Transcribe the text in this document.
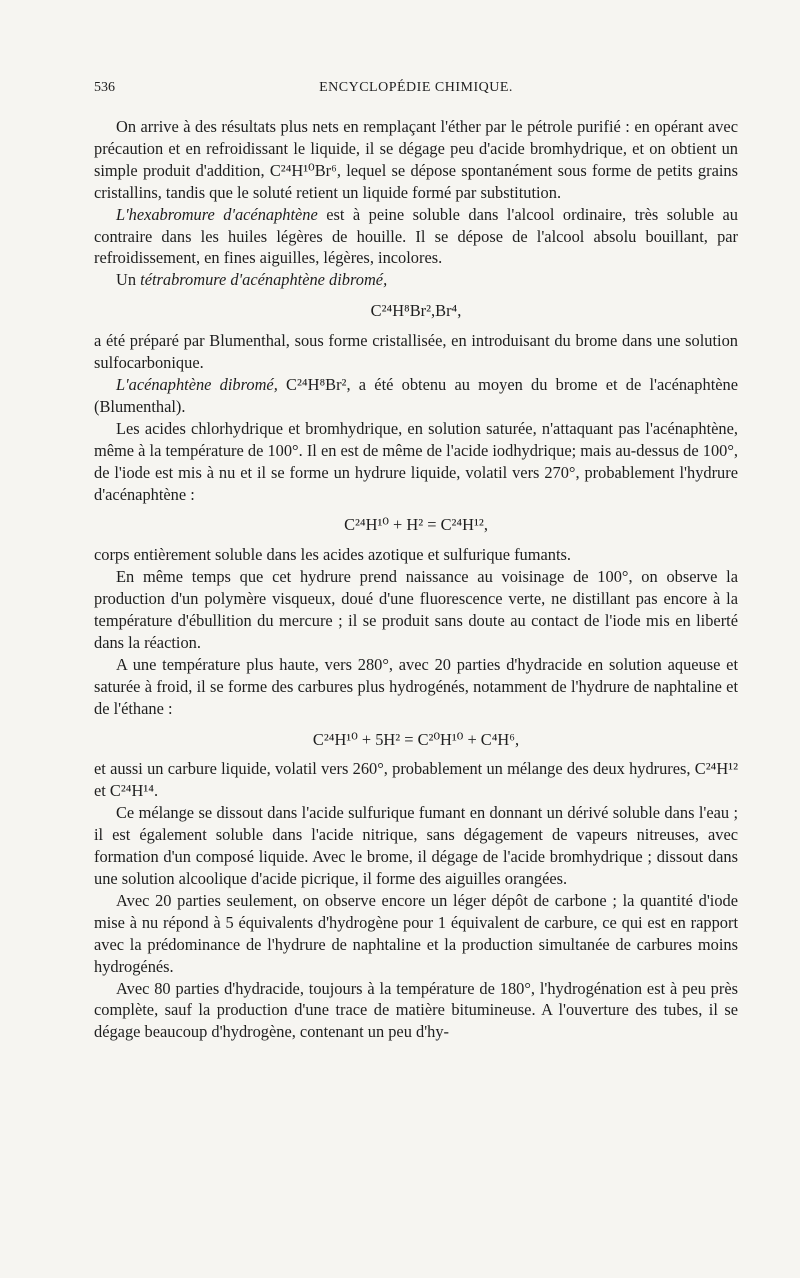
536	ENCYCLOPÉDIE CHIMIQUE.

On arrive à des résultats plus nets en remplaçant l'éther par le pétrole purifié : en opérant avec précaution et en refroidissant le liquide, il se dégage peu d'acide bromhydrique, et on obtient un simple produit d'addition, C²⁴H¹⁰Br⁶, lequel se dépose spontanément sous forme de petits grains cristallins, tandis que le soluté retient un liquide formé par substitution.

L'hexabromure d'acénaphtène est à peine soluble dans l'alcool ordinaire, très soluble au contraire dans les huiles légères de houille. Il se dépose de l'alcool absolu bouillant, par refroidissement, en fines aiguilles, légères, incolores.

Un tétrabromure d'acénaphtène dibromé,

C²⁴H⁸Br²,Br⁴,

a été préparé par Blumenthal, sous forme cristallisée, en introduisant du brome dans une solution sulfocarbonique.

L'acénaphtène dibromé, C²⁴H⁸Br², a été obtenu au moyen du brome et de l'acénaphtène (Blumenthal).

Les acides chlorhydrique et bromhydrique, en solution saturée, n'attaquant pas l'acénaphtène, même à la température de 100°. Il en est de même de l'acide iodhydrique; mais au-dessus de 100°, de l'iode est mis à nu et il se forme un hydrure liquide, volatil vers 270°, probablement l'hydrure d'acénaphtène :

C²⁴H¹⁰ + H² = C²⁴H¹²,

corps entièrement soluble dans les acides azotique et sulfurique fumants.

En même temps que cet hydrure prend naissance au voisinage de 100°, on observe la production d'un polymère visqueux, doué d'une fluorescence verte, ne distillant pas encore à la température d'ébullition du mercure ; il se produit sans doute au contact de l'iode mis en liberté dans la réaction.

A une température plus haute, vers 280°, avec 20 parties d'hydracide en solution aqueuse et saturée à froid, il se forme des carbures plus hydrogénés, notamment de l'hydrure de naphtaline et de l'éthane :

C²⁴H¹⁰ + 5H² = C²⁰H¹⁰ + C⁴H⁶,

et aussi un carbure liquide, volatil vers 260°, probablement un mélange des deux hydrures, C²⁴H¹² et C²⁴H¹⁴.

Ce mélange se dissout dans l'acide sulfurique fumant en donnant un dérivé soluble dans l'eau ; il est également soluble dans l'acide nitrique, sans dégagement de vapeurs nitreuses, avec formation d'un composé liquide. Avec le brome, il dégage de l'acide bromhydrique ; dissout dans une solution alcoolique d'acide picrique, il forme des aiguilles orangées.

Avec 20 parties seulement, on observe encore un léger dépôt de carbone ; la quantité d'iode mise à nu répond à 5 équivalents d'hydrogène pour 1 équivalent de carbure, ce qui est en rapport avec la prédominance de l'hydrure de naphtaline et la production simultanée de carbures moins hydrogénés.

Avec 80 parties d'hydracide, toujours à la température de 180°, l'hydrogénation est à peu près complète, sauf la production d'une trace de matière bitumineuse. A l'ouverture des tubes, il se dégage beaucoup d'hydrogène, contenant un peu d'hy-
